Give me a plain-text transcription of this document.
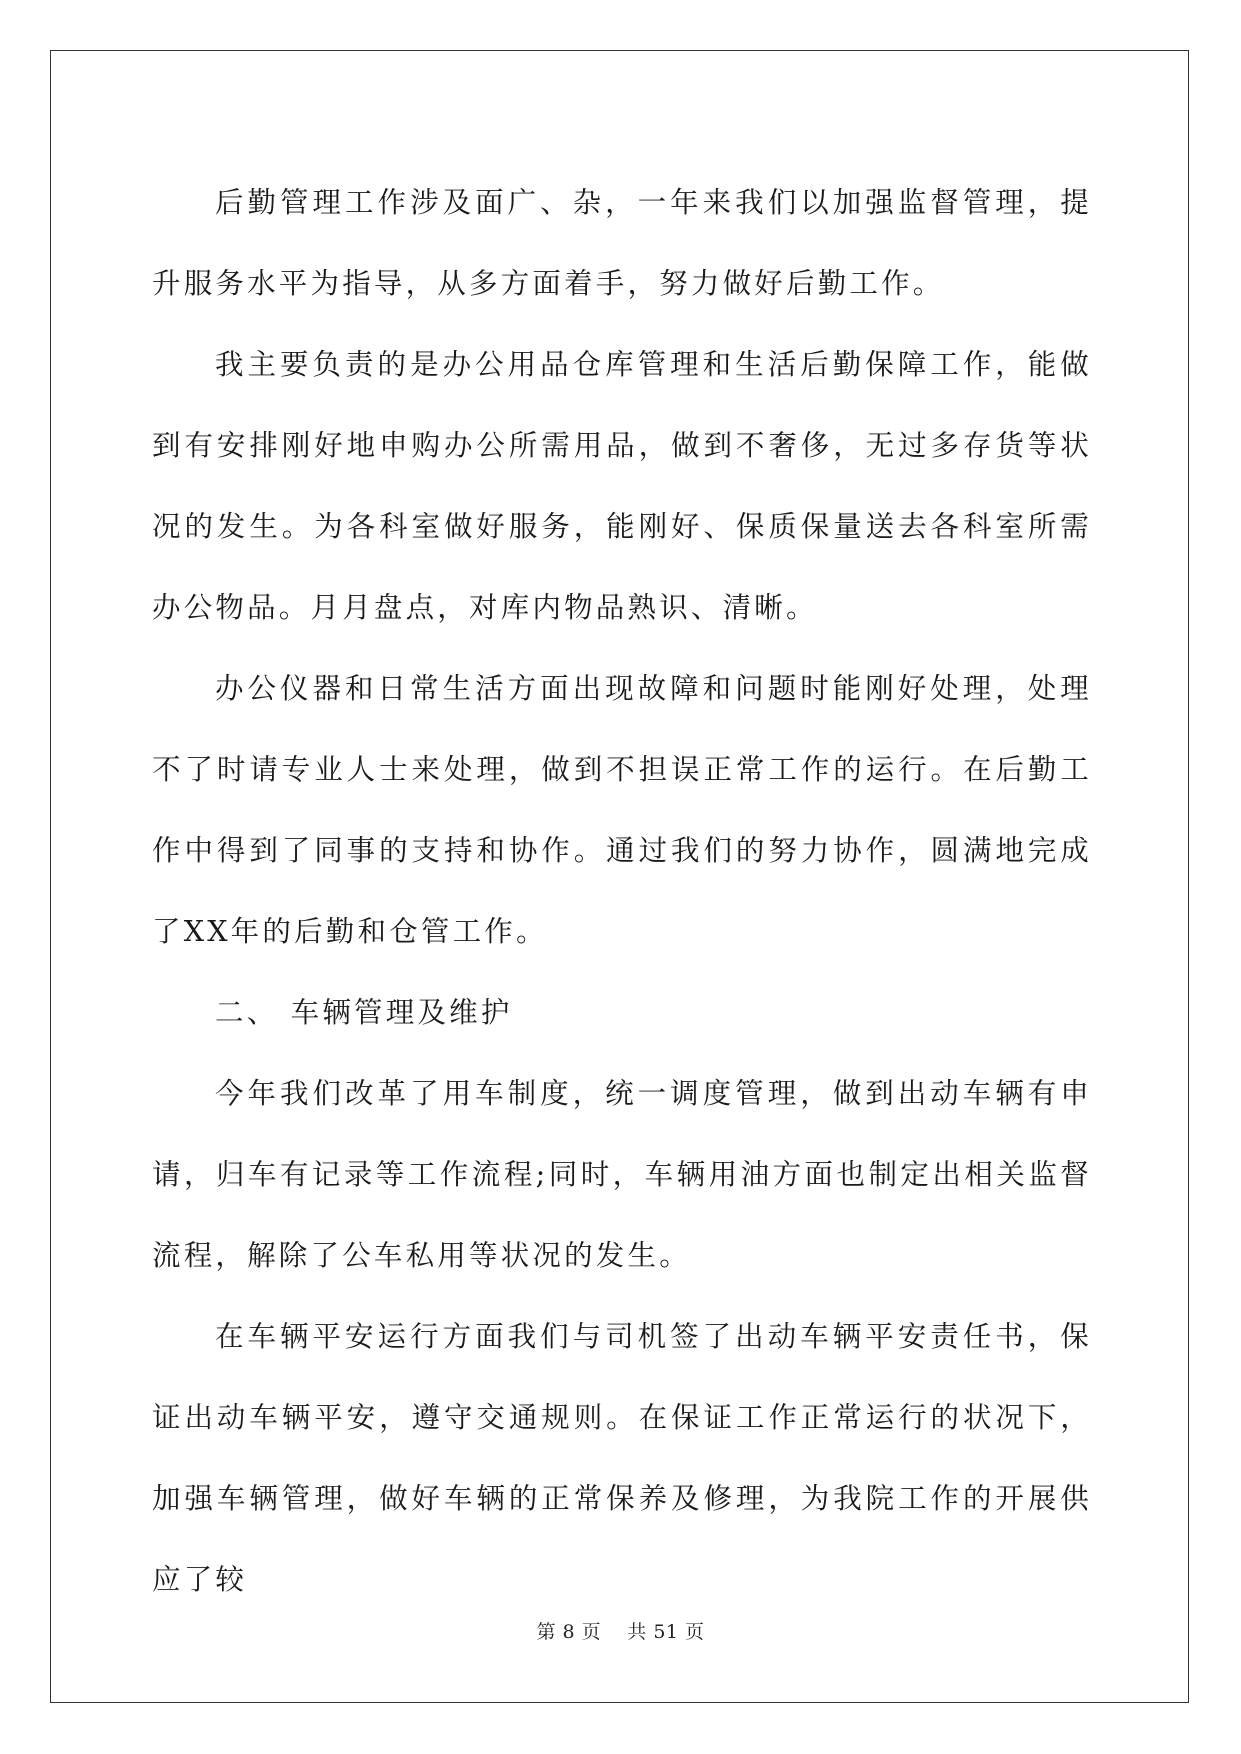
后勤管理工作涉及面广、杂，一年来我们以加强监督管理，提升服务水平为指导，从多方面着手，努力做好后勤工作。

我主要负责的是办公用品仓库管理和生活后勤保障工作，能做到有安排刚好地申购办公所需用品，做到不奢侈，无过多存货等状况的发生。为各科室做好服务，能刚好、保质保量送去各科室所需办公物品。月月盘点，对库内物品熟识、清晰。

办公仪器和日常生活方面出现故障和问题时能刚好处理，处理不了时请专业人士来处理，做到不担误正常工作的运行。在后勤工作中得到了同事的支持和协作。通过我们的努力协作，圆满地完成了XX年的后勤和仓管工作。

二、 车辆管理及维护

今年我们改革了用车制度，统一调度管理，做到出动车辆有申请，归车有记录等工作流程;同时，车辆用油方面也制定出相关监督流程，解除了公车私用等状况的发生。

在车辆平安运行方面我们与司机签了出动车辆平安责任书，保证出动车辆平安，遵守交通规则。在保证工作正常运行的状况下，加强车辆管理，做好车辆的正常保养及修理，为我院工作的开展供应了较

第 8 页 共 51 页
